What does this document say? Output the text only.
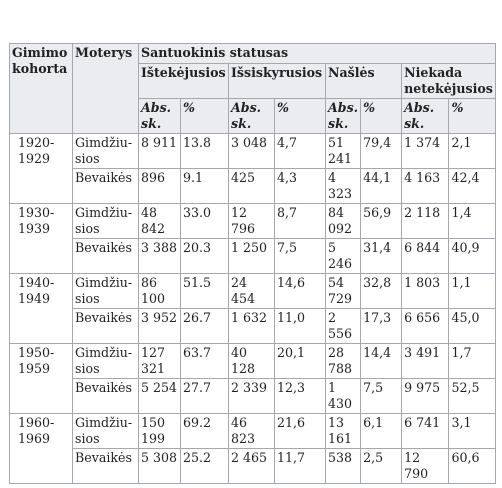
Gimimo kohorta	Moterys	Santuokinis statusas							
		Ištekėjusios		Išsiskyrusios		Našlės		Niekada netekėjusios	
		Abs. sk.	%	Abs. sk.	%	Abs. sk.	%	Abs. sk.	%
1920-1929	Gimdžiu-sios	8 911	13.8	3 048	4,7	51 241	79,4	1 374	2,1
	Bevaikės	896	9.1	425	4,3	4 323	44,1	4 163	42,4
1930-1939	Gimdžiu-sios	48 842	33.0	12 796	8,7	84 092	56,9	2 118	1,4
	Bevaikės	3 388	20.3	1 250	7,5	5 246	31,4	6 844	40,9
1940-1949	Gimdžiu-sios	86 100	51.5	24 454	14,6	54 729	32,8	1 803	1,1
	Bevaikės	3 952	26.7	1 632	11,0	2 556	17,3	6 656	45,0
1950-1959	Gimdžiu-sios	127 321	63.7	40 128	20,1	28 788	14,4	3 491	1,7
	Bevaikės	5 254	27.7	2 339	12,3	1 430	7,5	9 975	52,5
1960-1969	Gimdžiu-sios	150 199	69.2	46 823	21,6	13 161	6,1	6 741	3,1
	Bevaikės	5 308	25.2	2 465	11,7	538	2,5	12 790	60,6
